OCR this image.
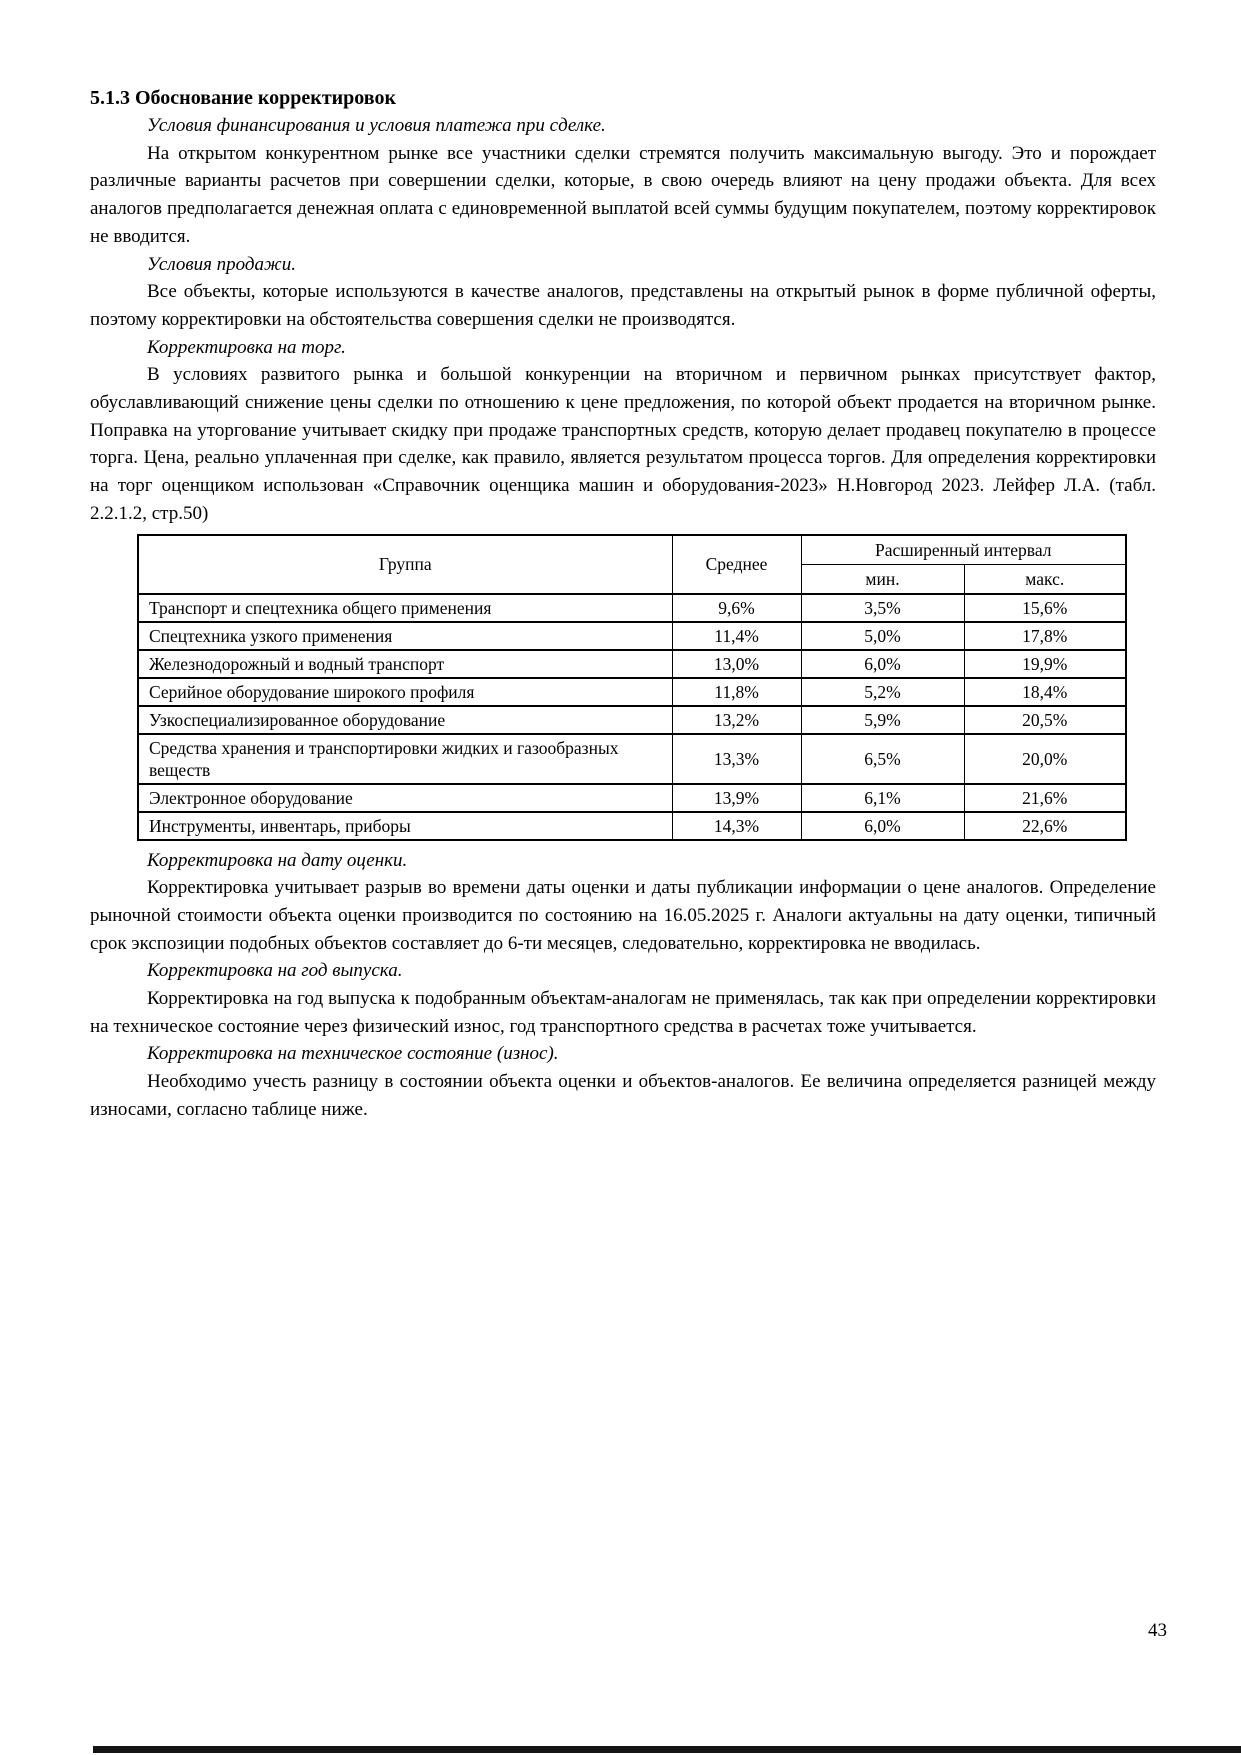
5.1.3 Обоснование корректировок

Условия финансирования и условия платежа при сделке.

На открытом конкурентном рынке все участники сделки стремятся получить максимальную выгоду. Это и порождает различные варианты расчетов при совершении сделки, которые, в свою очередь влияют на цену продажи объекта. Для всех аналогов предполагается денежная оплата с единовременной выплатой всей суммы будущим покупателем, поэтому корректировок не вводится.

Условия продажи.

Все объекты, которые используются в качестве аналогов, представлены на открытый рынок в форме публичной оферты, поэтому корректировки на обстоятельства совершения сделки не производятся.

Корректировка на торг.

В условиях развитого рынка и большой конкуренции на вторичном и первичном рынках присутствует фактор, обуславливающий снижение цены сделки по отношению к цене предложения, по которой объект продается на вторичном рынке. Поправка на уторгование учитывает скидку при продаже транспортных средств, которую делает продавец покупателю в процессе торга. Цена, реально уплаченная при сделке, как правило, является результатом процесса торгов. Для определения корректировки на торг оценщиком использован «Справочник оценщика машин и оборудования-2023» Н.Новгород 2023. Лейфер Л.А. (табл. 2.2.1.2, стр.50)

Группа	Среднее	Расширенный интервал	
		мин.	макс.
Транспорт и спецтехника общего применения	9,6%	3,5%	15,6%
Спецтехника узкого применения	11,4%	5,0%	17,8%
Железнодорожный и водный транспорт	13,0%	6,0%	19,9%
Серийное оборудование широкого профиля	11,8%	5,2%	18,4%
Узкоспециализированное оборудование	13,2%	5,9%	20,5%
Средства хранения и транспортировки жидких и газообразных веществ	13,3%	6,5%	20,0%
Электронное оборудование	13,9%	6,1%	21,6%
Инструменты, инвентарь, приборы	14,3%	6,0%	22,6%

Корректировка на дату оценки.

Корректировка учитывает разрыв во времени даты оценки и даты публикации информации о цене аналогов. Определение рыночной стоимости объекта оценки производится по состоянию на 16.05.2025 г. Аналоги актуальны на дату оценки, типичный срок экспозиции подобных объектов составляет до 6-ти месяцев, следовательно, корректировка не вводилась.

Корректировка на год выпуска.

Корректировка на год выпуска к подобранным объектам-аналогам не применялась, так как при определении корректировки на техническое состояние через физический износ, год транспортного средства в расчетах тоже учитывается.

Корректировка на техническое состояние (износ).

Необходимо учесть разницу в состоянии объекта оценки и объектов-аналогов. Ее величина определяется разницей между износами, согласно таблице ниже.

43
